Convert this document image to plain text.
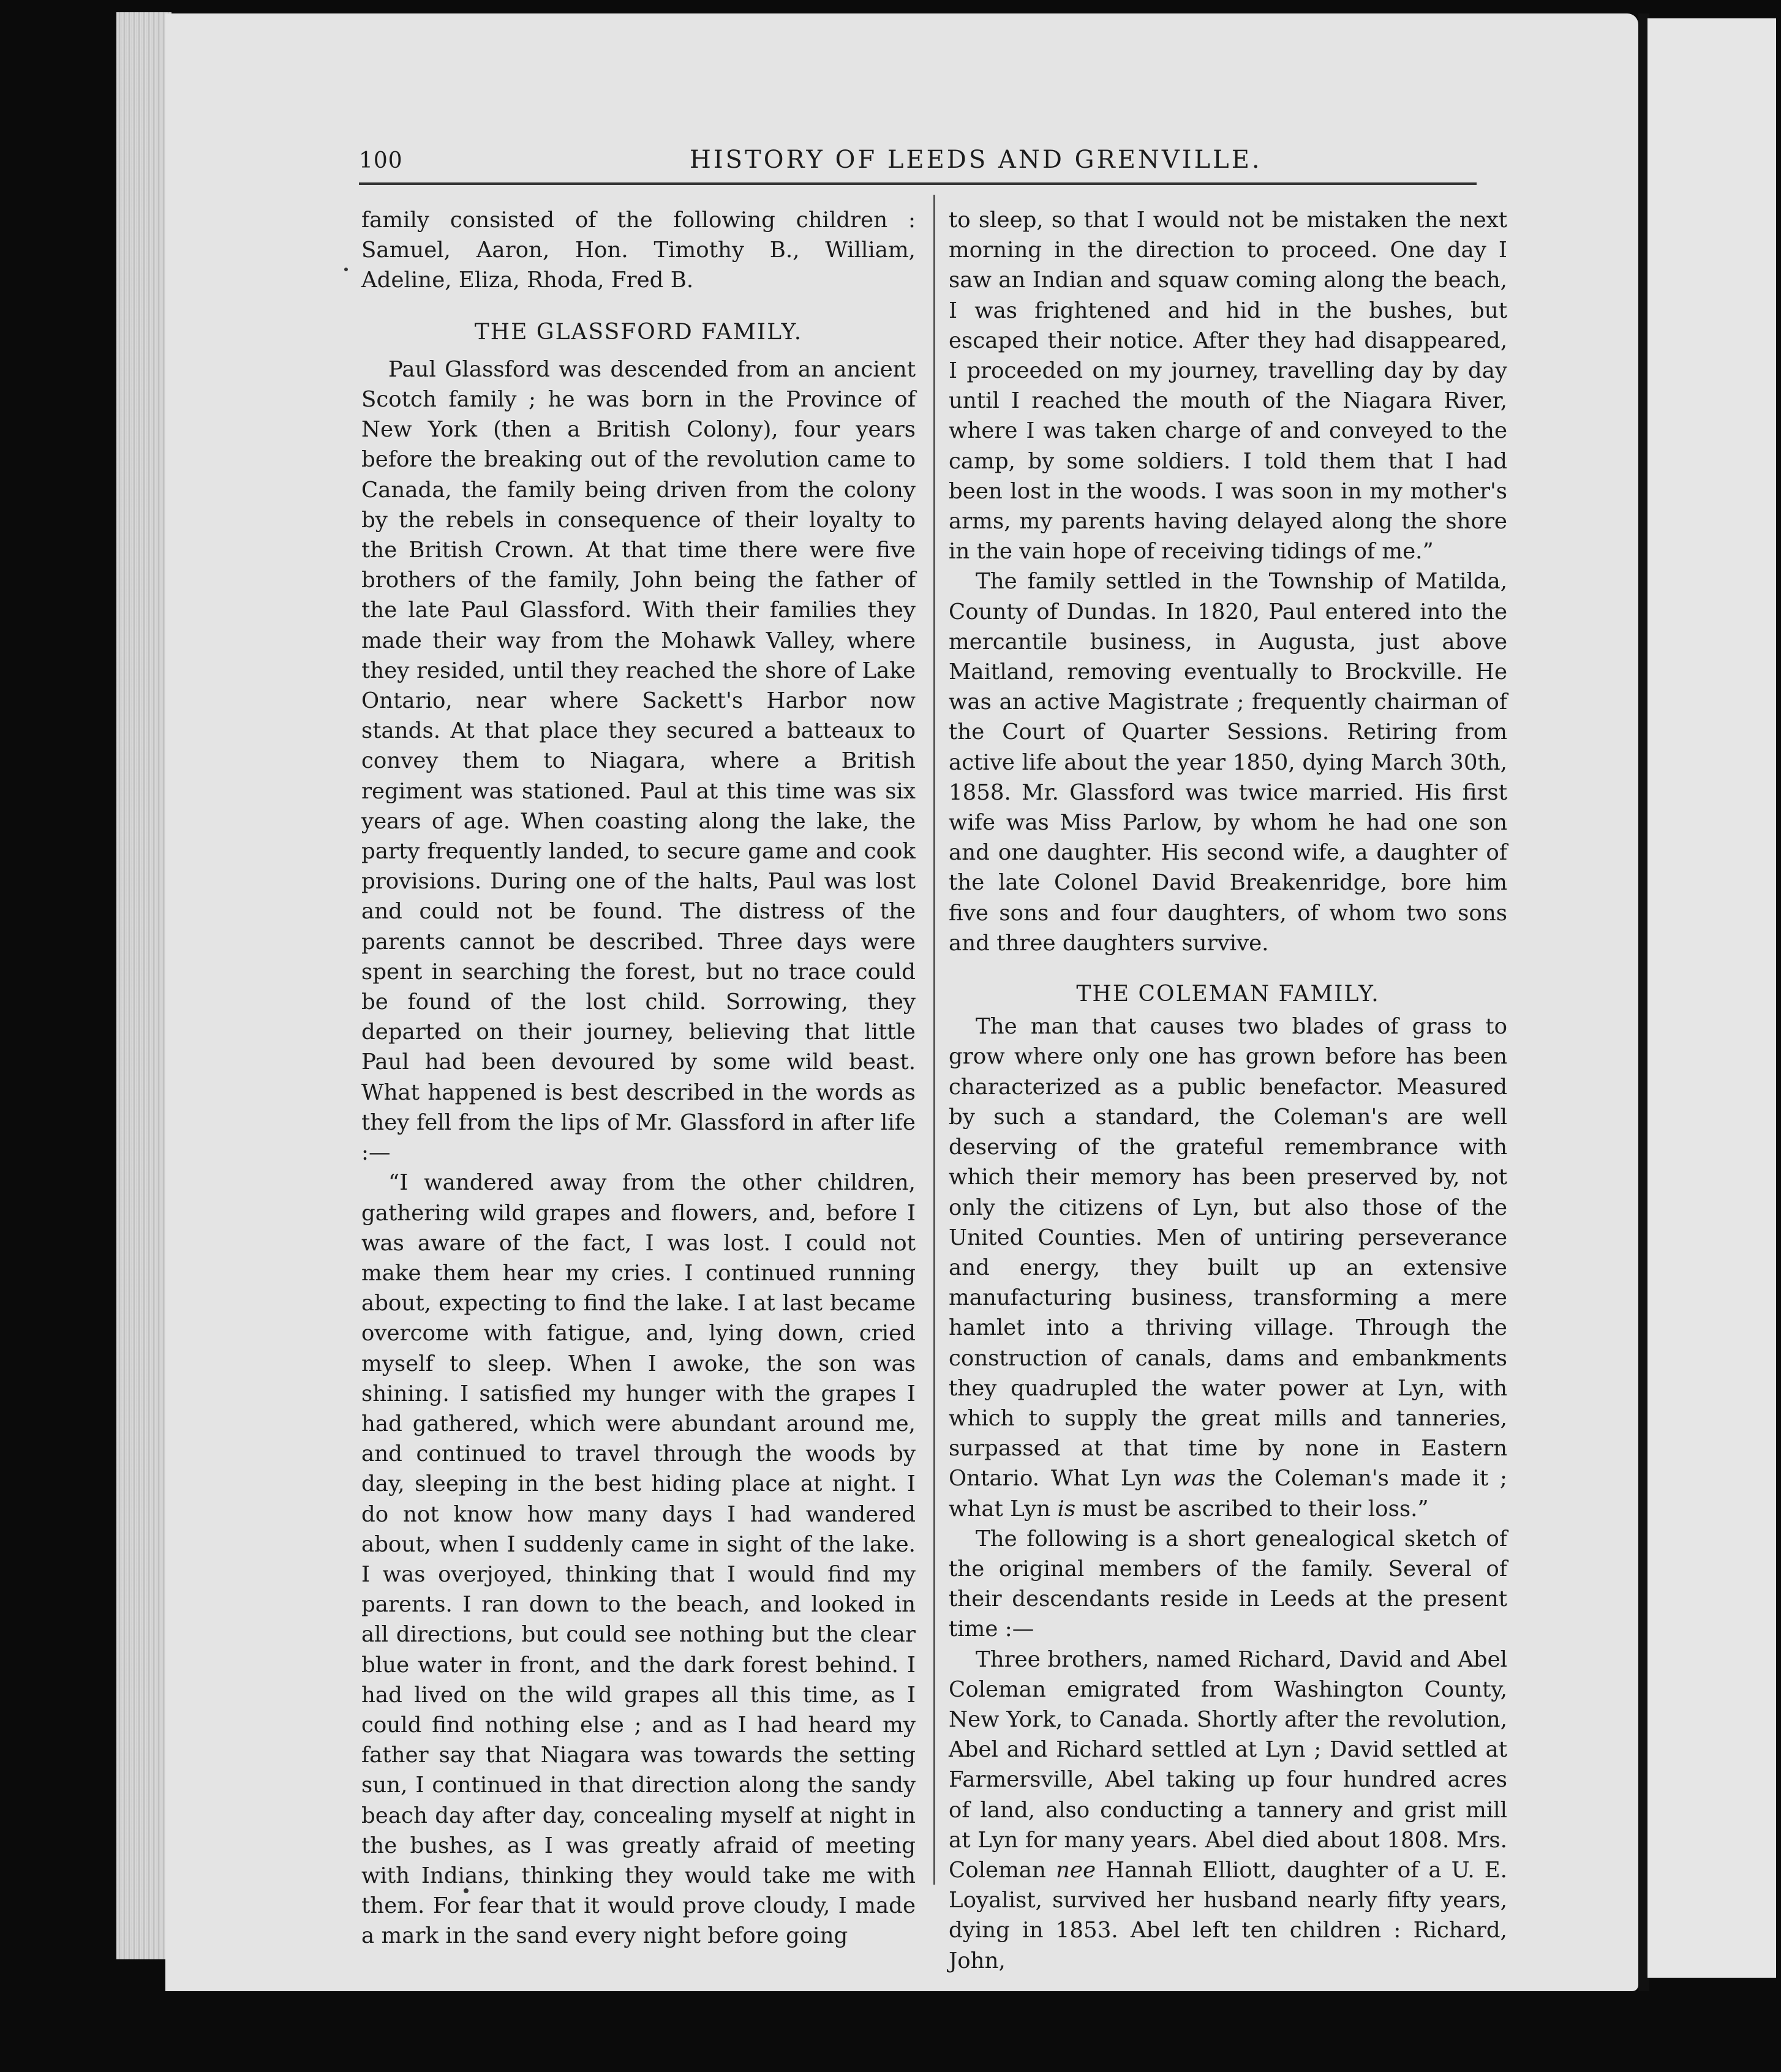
100	HISTORY OF LEEDS AND GRENVILLE.

family consisted of the following children : Samuel, Aaron, Hon. Timothy B., William, Adeline, Eliza, Rhoda, Fred B.

THE GLASSFORD FAMILY.

Paul Glassford was descended from an ancient Scotch family ; he was born in the Province of New York (then a British Colony), four years before the breaking out of the revolution came to Canada, the family being driven from the colony by the rebels in consequence of their loyalty to the British Crown. At that time there were five brothers of the family, John being the father of the late Paul Glassford. With their families they made their way from the Mohawk Valley, where they resided, until they reached the shore of Lake Ontario, near where Sackett's Harbor now stands. At that place they secured a batteaux to convey them to Niagara, where a British regiment was stationed. Paul at this time was six years of age. When coasting along the lake, the party frequently landed, to secure game and cook provisions. During one of the halts, Paul was lost and could not be found. The distress of the parents cannot be described. Three days were spent in searching the forest, but no trace could be found of the lost child. Sorrowing, they departed on their journey, believing that little Paul had been devoured by some wild beast. What happened is best described in the words as they fell from the lips of Mr. Glassford in after life :—

“I wandered away from the other children, gathering wild grapes and flowers, and, before I was aware of the fact, I was lost. I could not make them hear my cries. I continued running about, expecting to find the lake. I at last became overcome with fatigue, and, lying down, cried myself to sleep. When I awoke, the son was shining. I satisfied my hunger with the grapes I had gathered, which were abundant around me, and continued to travel through the woods by day, sleeping in the best hiding place at night. I do not know how many days I had wandered about, when I suddenly came in sight of the lake. I was overjoyed, thinking that I would find my parents. I ran down to the beach, and looked in all directions, but could see nothing but the clear blue water in front, and the dark forest behind. I had lived on the wild grapes all this time, as I could find nothing else ; and as I had heard my father say that Niagara was towards the setting sun, I continued in that direction along the sandy beach day after day, concealing myself at night in the bushes, as I was greatly afraid of meeting with Indians, thinking they would take me with them. For fear that it would prove cloudy, I made a mark in the sand every night before going

to sleep, so that I would not be mistaken the next morning in the direction to proceed. One day I saw an Indian and squaw coming along the beach, I was frightened and hid in the bushes, but escaped their notice. After they had disappeared, I proceeded on my journey, travelling day by day until I reached the mouth of the Niagara River, where I was taken charge of and conveyed to the camp, by some soldiers. I told them that I had been lost in the woods. I was soon in my mother's arms, my parents having delayed along the shore in the vain hope of receiving tidings of me.”

The family settled in the Township of Matilda, County of Dundas. In 1820, Paul entered into the mercantile business, in Augusta, just above Maitland, removing eventually to Brockville. He was an active Magistrate ; frequently chairman of the Court of Quarter Sessions. Retiring from active life about the year 1850, dying March 30th, 1858. Mr. Glassford was twice married. His first wife was Miss Parlow, by whom he had one son and one daughter. His second wife, a daughter of the late Colonel David Breakenridge, bore him five sons and four daughters, of whom two sons and three daughters survive.

THE COLEMAN FAMILY.

The man that causes two blades of grass to grow where only one has grown before has been characterized as a public benefactor. Measured by such a standard, the Coleman's are well deserving of the grateful remembrance with which their memory has been preserved by, not only the citizens of Lyn, but also those of the United Counties. Men of untiring perseverance and energy, they built up an extensive manufacturing business, transforming a mere hamlet into a thriving village. Through the construction of canals, dams and embankments they quadrupled the water power at Lyn, with which to supply the great mills and tanneries, surpassed at that time by none in Eastern Ontario. What Lyn was the Coleman's made it ; what Lyn is must be ascribed to their loss.”

The following is a short genealogical sketch of the original members of the family. Several of their descendants reside in Leeds at the present time :—

Three brothers, named Richard, David and Abel Coleman emigrated from Washington County, New York, to Canada. Shortly after the revolution, Abel and Richard settled at Lyn ; David settled at Farmersville, Abel taking up four hundred acres of land, also conducting a tannery and grist mill at Lyn for many years. Abel died about 1808. Mrs. Coleman nee Hannah Elliott, daughter of a U. E. Loyalist, survived her husband nearly fifty years, dying in 1853. Abel left ten children : Richard, John,
